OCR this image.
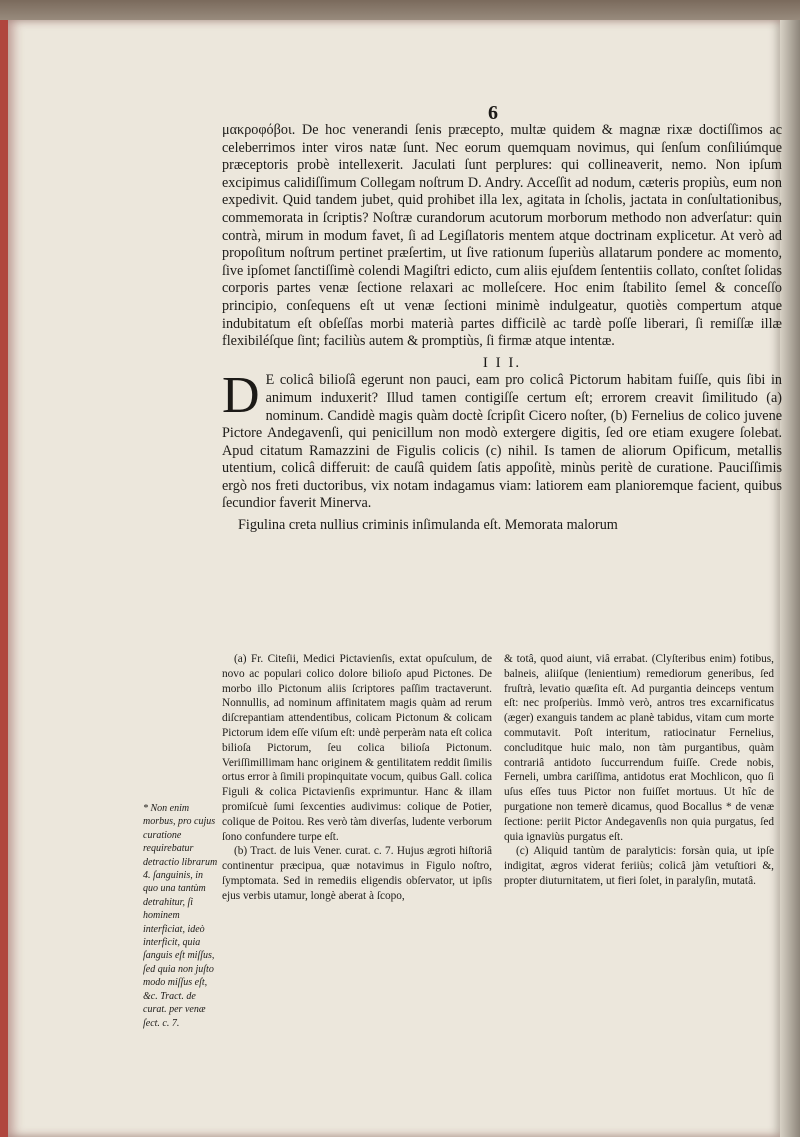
6

μακροφόβοι. De hoc venerandi ſenis præcepto, multæ quidem & magnæ rixæ doctiſſimos ac celeberrimos inter viros natæ ſunt. Nec eorum quemquam novimus, qui ſenſum conſiliúmque præceptoris probè intellexerit. Jaculati ſunt perplures: qui collineaverit, nemo. Non ipſum excipimus calidiſſimum Collegam noſtrum D. Andry. Acceſſit ad nodum, cæteris propiùs, eum non expedivit. Quid tandem jubet, quid prohibet illa lex, agitata in ſcholis, jactata in conſultationibus, commemorata in ſcriptis? Noſtræ curandorum acutorum morborum methodo non adverſatur: quin contrà, mirum in modum favet, ſi ad Legiſlatoris mentem atque doctrinam explicetur. At verò ad propoſitum noſtrum pertinet præſertim, ut ſive rationum ſuperiùs allatarum pondere ac momento, ſive ipſomet ſanctiſſimè colendi Magiſtri edicto, cum aliis ejuſdem ſententiis collato, conſtet ſolidas corporis partes venæ ſectione relaxari ac molleſcere. Hoc enim ſtabilito ſemel & conceſſo principio, conſequens eſt ut venæ ſectioni minimè indulgeatur, quotiès compertum atque indubitatum eſt obſeſſas morbi materià partes difficilè ac tardè poſſe liberari, ſi remiſſæ illæ flexibiléſque ſint; faciliùs autem & promptiùs, ſi firmæ atque intentæ.

I I I.

D E colicâ bilioſâ egerunt non pauci, eam pro colicâ Pictorum habitam fuiſſe, quis ſibi in animum induxerit? Illud tamen contigiſſe certum eſt; errorem creavit ſimilitudo (a) nominum. Candidè magis quàm doctè ſcripſit Cicero noſter, (b) Fernelius de colico juvene Pictore Andegavenſi, qui penicillum non modò extergere digitis, ſed ore etiam exugere ſolebat. Apud citatum Ramazzini de Figulis colicis (c) nihil. Is tamen de aliorum Opificum, metallis utentium, colicâ differuit: de cauſâ quidem ſatis appoſitè, minùs peritè de curatione. Pauciſſimis ergò nos freti ductoribus, vix notam indagamus viam: latiorem eam planioremque facient, quibus ſecundior faverit Minerva.

Figulina creta nullius criminis inſimulanda eſt. Memorata malorum

(a) Fr. Citeſii, Medici Pictavienſis, extat opuſculum, de novo ac populari colico dolore bilioſo apud Pictones. De morbo illo Pictonum aliis ſcriptores paſſim tractaverunt. Nonnullis, ad nominum affinitatem magis quàm ad rerum diſcrepantiam attendentibus, colicam Pictonum & colicam Pictorum idem eſſe viſum eſt: undè perperàm nata eſt colica bilioſa Pictorum, ſeu colica bilioſa Pictonum. Veriſſimillimam hanc originem & gentilitatem reddit ſimilis ortus error à ſimili propinquitate vocum, quibus Gall. colica Figuli & colica Pictavienſis exprimuntur. Hanc & illam promiſcuè ſumi ſexcenties audivimus: colique de Potier, colique de Poitou. Res verò tàm diverſas, ludente verborum ſono confundere turpe eſt.

(b) Tract. de luis Vener. curat. c. 7. Hujus ægroti hiſtoriâ continentur præcipua, quæ notavimus in Figulo noſtro, ſymptomata. Sed in remediis eligendis obſervator, ut ipſis ejus verbis utamur, longè aberat à ſcopo,

& totâ, quod aiunt, viâ errabat. (Clyſteribus enim) fotibus, balneis, aliiſque (lenientium) remediorum generibus, ſed fruſtrà, levatio quæſita eſt. Ad purgantia deinceps ventum eſt: nec proſperiùs. Immò verò, antros tres excarnificatus (æger) exanguis tandem ac planè tabidus, vitam cum morte commutavit. Poſt interitum, ratiocinatur Fernelius, concluditque huic malo, non tàm purgantibus, quàm contrariâ antidoto ſuccurrendum fuiſſe. Crede nobis, Ferneli, umbra cariſſima, antidotus erat Mochlicon, quo ſi uſus eſſes tuus Pictor non fuiſſet mortuus. Ut hîc de purgatione non temerè dicamus, quod Bocallus * de venæ ſectione: periit Pictor Andegavenſis non quia purgatus, ſed quia ignaviùs purgatus eſt.

(c) Aliquid tantùm de paralyticis: forsàn quia, ut ipſe indigitat, ægros viderat feriiùs; colicâ jàm vetuſtiori &, propter diuturnitatem, ut fieri ſolet, in paralyſin, mutatâ.

* Non enim morbus, pro cujus curatione requirebatur detractio librarum 4. ſanguinis, in quo una tantùm detrahitur, ſi hominem interficiat, ideò interficit, quia ſanguis eſt miſſus, ſed quia non juſto modo miſſus eſt, &c. Tract. de curat. per venæ ſect. c. 7.
